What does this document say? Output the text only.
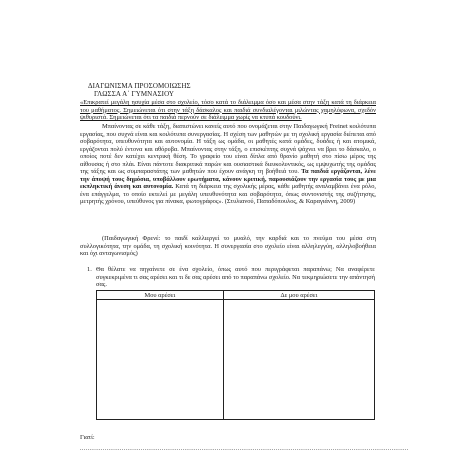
ΔΙΑΓΩΝΙΣΜΑ ΠΡΟΣΟΜΟΙΩΣΗΣ
ΓΛΩΣΣΑ Α΄ ΓΥΜΝΑΣΙΟΥ
«Επικρατεί μεγάλη ησυχία μέσα στο σχολείο, τόσο κατά το διάλειμμα όσο και μέσα στην τάξη κατά τη διάρκεια του μαθήματος. Σημειώνεται ότι στην τάξη δάσκαλος και παιδιά συνδιαλέγονται μιλώντας χαμηλόφωνα, σχεδόν ψιθυριστά. Σημειώνεται ότι τα παιδιά περνούν σε διάλειμμα χωρίς να κτυπά κουδούνι.
Μπαίνοντας σε κάθε τάξη, διαπιστώνει κανείς αυτό που ονομάζεται στην Παιδαγωγική Freinet κοιλότυπα εργασίας, που συχνά είναι και κοιλότυπα συνεργασίας. Η σχέση των μαθητών με τη σχολική εργασία διέπεται από σοβαρότητα, υπευθυνότητα και αυτονομία. Η τάξη ως ομάδα, οι μαθητές κατά ομάδες, δυάδες ή και ατομικά, εργάζονται πολύ έντονα και αθόρυβα. Μπαίνοντας στην τάξη, ο επισκέπτης συχνά ψάχνει να βρει το δάσκαλο, ο οποίος ποτέ δεν κατέχει κεντρική θέση. Το γραφείο του είναι δίπλα από θρανίο μαθητή στο πίσω μέρος της αίθουσας ή στο πλάι. Είναι πάντοτε διακριτικά παρών και ουσιαστικά διευκολυντικός, ως εμψυχωτής της ομάδας της τάξης και ως συμπαραστάτης των μαθητών που έχουν ανάγκη τη βοήθειά του. Τα παιδιά εργάζονται, λένε την άποψή τους δημόσια, υποβάλλουν ερωτήματα, κάνουν κριτική, παρουσιάζουν την εργασία τους με μια εκπληκτική άνεση και αυτονομία. Κατά τη διάρκεια της σχολικής μέρας, κάθε μαθητής αναλαμβάνει ένα ρόλο, ένα επάγγελμα, το οποίο εκτελεί με μεγάλη υπευθυνότητα και σοβαρότητα, όπως συντονιστής της συζήτησης, μετρητής χρόνου, υπεύθυνος για πίνακα, φωτογράφος». (Στυλιανού, Παπαδόπουλος, & Καραγιάννη, 2009)
(Παιδαγωγική Φρενέ: το παιδί καλλιεργεί το μυαλό, την καρδιά και το πνεύμα του μέσα στη συλλογικότητα, την ομάδα, τη σχολική κοινότητα. Η συνεργασία στο σχολείο είναι αλληλεγγύη, αλληλοβοήθεια και όχι ανταγωνισμός)
1. Θα θέλατε να πηγαίνετε σε ένα σχολείο, όπως αυτό που περιγράφεται παραπάνω; Να αναφέρετε συγκεκριμένα τι σας αρέσει και τι δε σας αρέσει από το παραπάνω σχολείο. Να τεκμηριώσετε την απάντησή σας.
Μου αρέσει	Δε μου αρέσει

Γιατί:
.............................................................................................................................................................................
